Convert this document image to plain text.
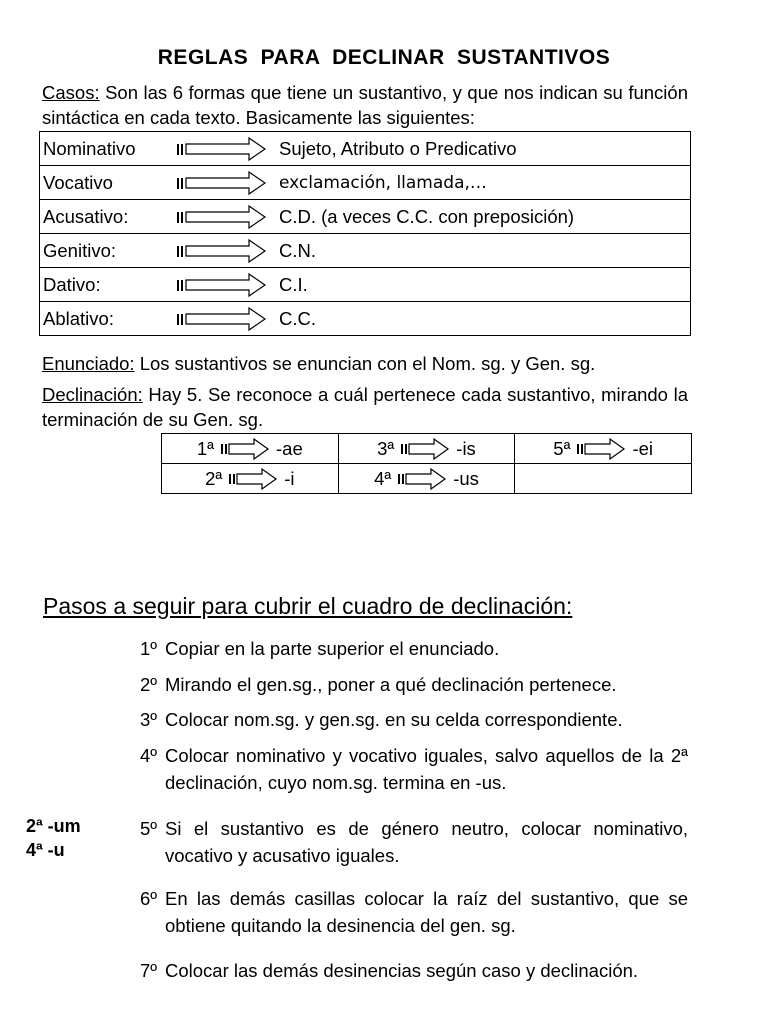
REGLAS PARA DECLINAR SUSTANTIVOS
Casos: Son las 6 formas que tiene un sustantivo, y que nos indican su función sintáctica en cada texto. Basicamente las siguientes:
Nominativo		Sujeto, Atributo o Predicativo
Vocativo		exclamación, llamada,…
Acusativo:		C.D. (a veces C.C. con preposición)
Genitivo:		C.N.
Dativo:		C.I.
Ablativo:		C.C.
Enunciado: Los sustantivos se enuncian con el Nom. sg. y Gen. sg.
Declinación: Hay 5. Se reconoce a cuál pertenece cada sustantivo, mirando la terminación de su Gen. sg.
1ª -ae	3ª -is	5ª -ei

2ª -i	4ª -us	

Pasos a seguir para cubrir el cuadro de declinación:
1º Copiar en la parte superior el enunciado.
2º Mirando el gen.sg., poner a qué declinación pertenece.
3º Colocar nom.sg. y gen.sg. en su celda correspondiente.
4º Colocar nominativo y vocativo iguales, salvo aquellos de la 2ª declinación, cuyo nom.sg. termina en -us.
5º Si el sustantivo es de género neutro, colocar nominativo, vocativo y acusativo iguales.
6º En las demás casillas colocar la raíz del sustantivo, que se obtiene quitando la desinencia del gen. sg.
7º Colocar las demás desinencias según caso y declinación.
2ª -um
4ª -u
